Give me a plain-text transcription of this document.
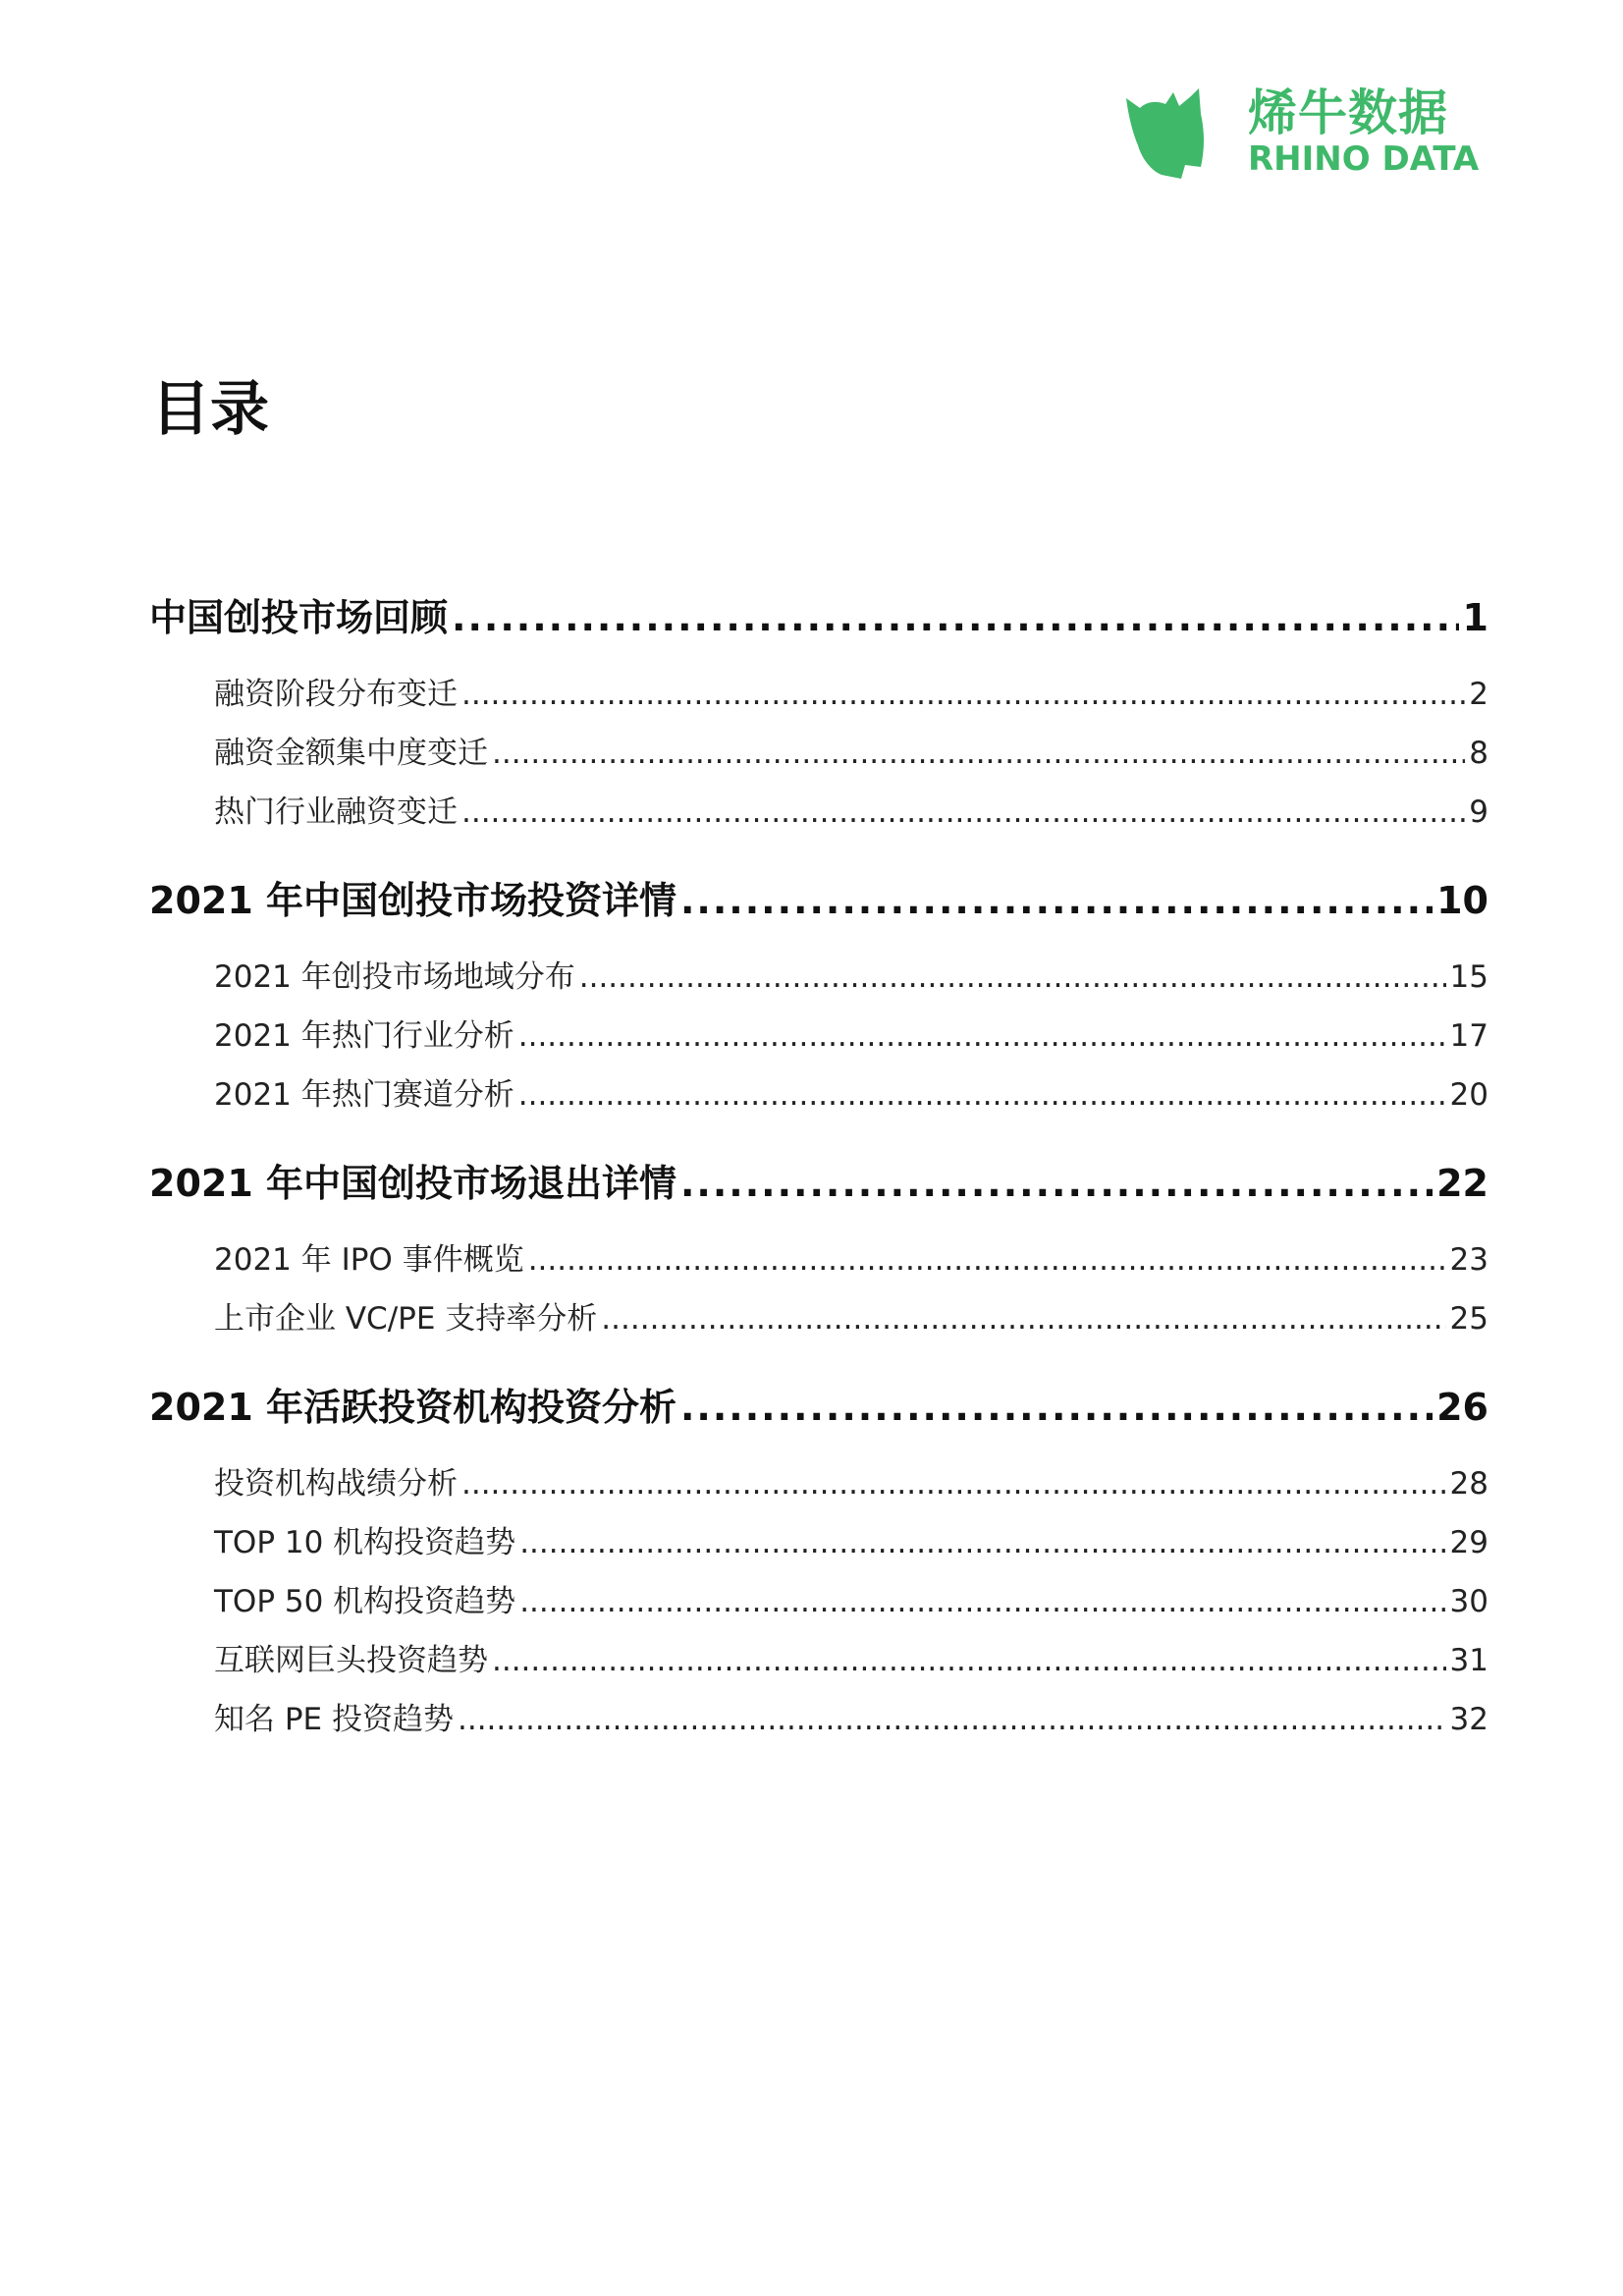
烯牛数据
RHINO DATA
目录
中国创投市场回顾 .....	1
融资阶段分布变迁 .....	2
融资金额集中度变迁 .....	8
热门行业融资变迁 .....	9
2021 年中国创投市场投资详情 .....	10
2021 年创投市场地域分布 .....	15
2021 年热门行业分析 .....	17
2021 年热门赛道分析 .....	20
2021 年中国创投市场退出详情 .....	22
2021 年 IPO 事件概览 .....	23
上市企业 VC/PE 支持率分析 .....	25
2021 年活跃投资机构投资分析 .....	26
投资机构战绩分析 .....	28
TOP 10 机构投资趋势 .....	29
TOP 50 机构投资趋势 .....	30
互联网巨头投资趋势 .....	31
知名 PE 投资趋势 .....	32
